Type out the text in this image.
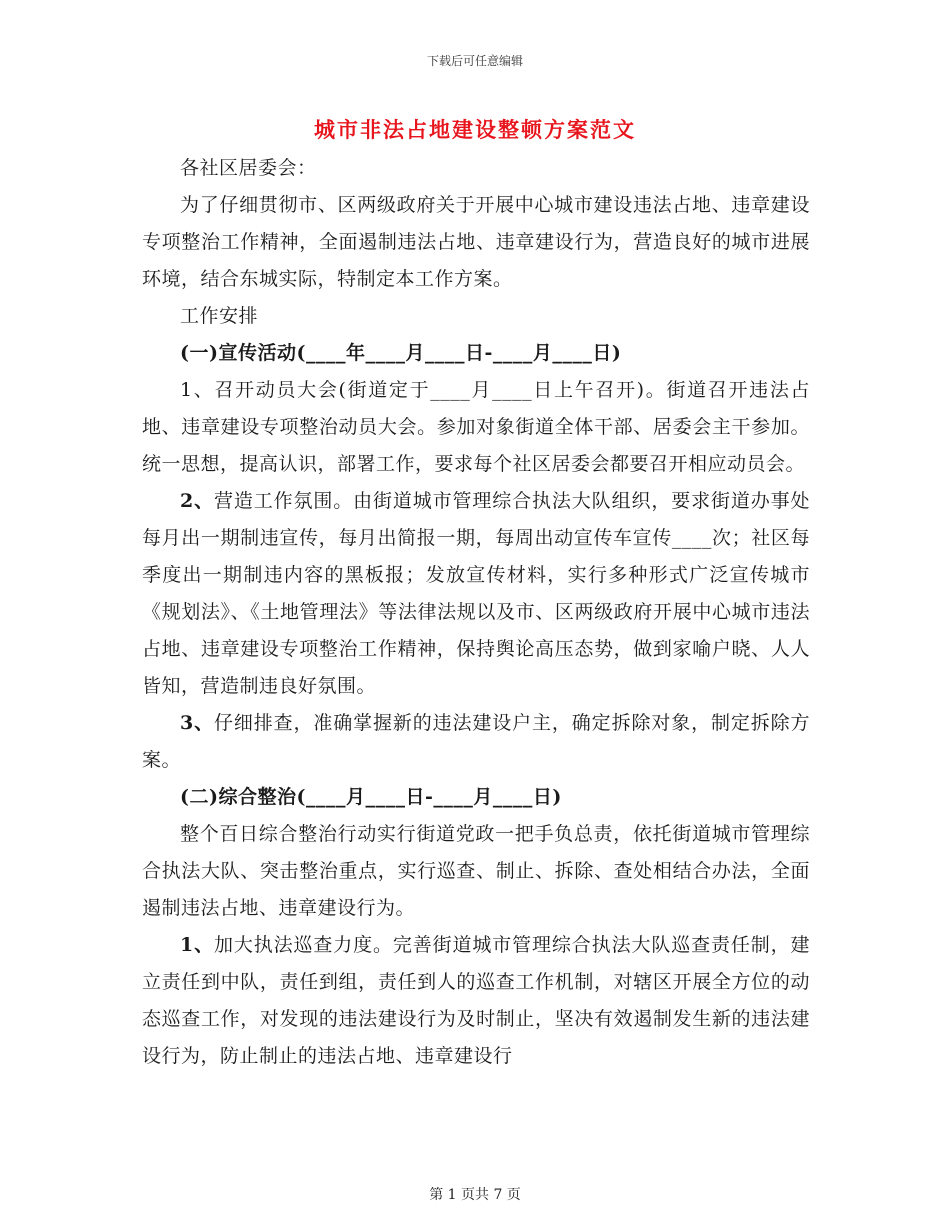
下载后可任意编辑
城市非法占地建设整顿方案范文

各社区居委会：

为了仔细贯彻市、区两级政府关于开展中心城市建设违法占地、违章建设专项整治工作精神，全面遏制违法占地、违章建设行为，营造良好的城市进展环境，结合东城实际，特制定本工作方案。

工作安排

(一)宣传活动(____年____月____日-____月____日)

1、召开动员大会(街道定于____月____日上午召开)。街道召开违法占地、违章建设专项整治动员大会。参加对象街道全体干部、居委会主干参加。统一思想，提高认识，部署工作，要求每个社区居委会都要召开相应动员会。

2、营造工作氛围。由街道城市管理综合执法大队组织，要求街道办事处每月出一期制违宣传，每月出简报一期，每周出动宣传车宣传____次；社区每季度出一期制违内容的黑板报；发放宣传材料，实行多种形式广泛宣传城市《规划法》、《土地管理法》等法律法规以及市、区两级政府开展中心城市违法占地、违章建设专项整治工作精神，保持舆论高压态势，做到家喻户晓、人人皆知，营造制违良好氛围。

3、仔细排查，准确掌握新的违法建设户主，确定拆除对象，制定拆除方案。

(二)综合整治(____月____日-____月____日)

整个百日综合整治行动实行街道党政一把手负总责，依托街道城市管理综合执法大队、突击整治重点，实行巡查、制止、拆除、查处相结合办法，全面遏制违法占地、违章建设行为。

1、加大执法巡查力度。完善街道城市管理综合执法大队巡查责任制，建立责任到中队，责任到组，责任到人的巡查工作机制，对辖区开展全方位的动态巡查工作，对发现的违法建设行为及时制止，坚决有效遏制发生新的违法建设行为，防止制止的违法占地、违章建设行

第 1 页共 7 页
